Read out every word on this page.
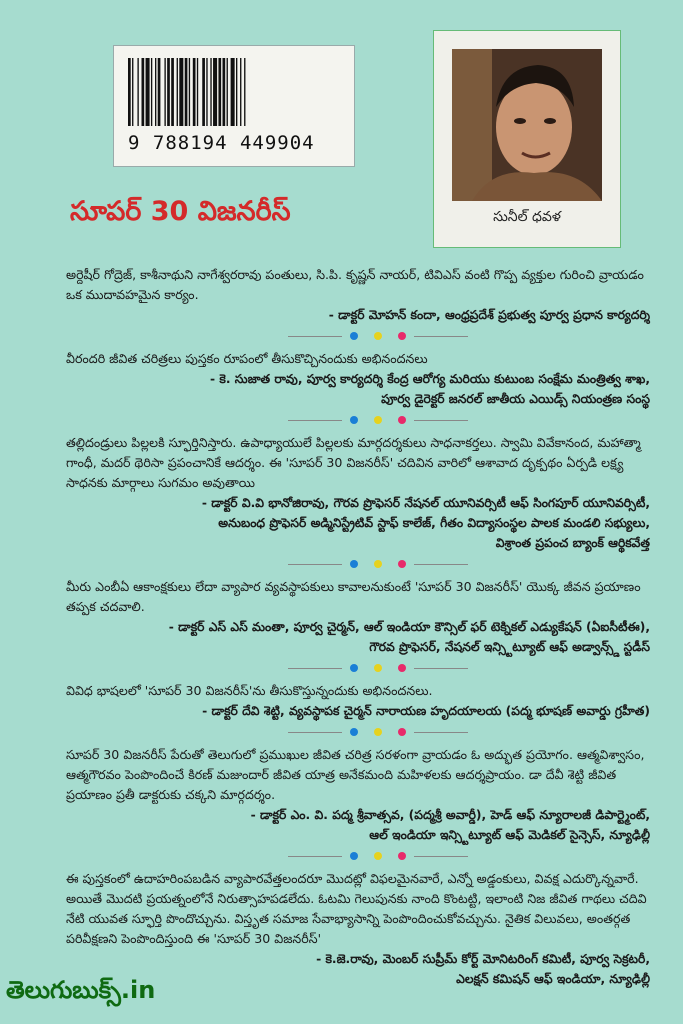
9 788194 449904
సునీల్ ధవళ
సూపర్ 30 విజనరీస్

అర్దెషీర్ గోద్రెజ్, కాశీనాథుని నాగేశ్వరరావు పంతులు, సి.పి. కృష్ణన్ నాయర్, టివిఎస్ వంటి గొప్ప వ్యక్తుల గురించి వ్రాయడం ఒక ముదావహమైన కార్యం.

- డాక్టర్ మోహన్ కందా, ఆంధ్రప్రదేశ్ ప్రభుత్వ పూర్వ ప్రధాన కార్యదర్శి

వీరందరి జీవిత చరిత్రలు పుస్తకం రూపంలో తీసుకొచ్చినందుకు అభినందనలు

- కె. సుజాత రావు, పూర్వ కార్యదర్శి కేంద్ర ఆరోగ్య మరియు కుటుంబ సంక్షేమ మంత్రిత్వ శాఖ,

పూర్వ డైరెక్టర్ జనరల్ జాతీయ ఎయిడ్స్ నియంత్రణ సంస్థ

తల్లిదండ్రులు పిల్లలకి స్ఫూర్తినిస్తారు. ఉపాధ్యాయులే పిల్లలకు మార్గదర్శకులు సాధనాకర్తలు. స్వామి వివేకానంద, మహాత్మా గాంధీ, మదర్ థెరిసా ప్రపంచానికే ఆదర్శం. ఈ 'సూపర్ 30 విజనరీస్' చదివిన వారిలో ఆశావాద దృక్పథం ఏర్పడి లక్ష్య సాధనకు మార్గాలు సుగమం అవుతాయి

- డాక్టర్ వి.వి భానోజిరావు, గౌరవ ప్రొఫెసర్ నేషనల్ యూనివర్సిటీ ఆఫ్ సింగపూర్ యూనివర్సిటీ,

అనుబంధ ప్రొఫెసర్ అడ్మినిస్ట్రేటివ్ స్టాఫ్ కాలేజ్, గీతం విద్యాసంస్థల పాలక మండలి సభ్యులు,

విశ్రాంత ప్రపంచ బ్యాంక్ ఆర్థికవేత్త

మీరు ఎంబీఏ ఆకాంక్షకులు లేదా వ్యాపార వ్యవస్థాపకులు కావాలనుకుంటే 'సూపర్ 30 విజనరీస్' యొక్క జీవన ప్రయాణం తప్పక చదవాలి.

- డాక్టర్ ఎస్ ఎస్ మంతా, పూర్వ చైర్మన్, ఆల్ ఇండియా కౌన్సిల్ ఫర్ టెక్నికల్ ఎడ్యుకేషన్ (ఏఐసీటీఈ),

గౌరవ ప్రొఫెసర్, నేషనల్ ఇన్స్టిట్యూట్ ఆఫ్ అడ్వాన్స్డ్ స్టడీస్

వివిధ భాషలలో 'సూపర్ 30 విజనరీస్'ను తీసుకొస్తున్నందుకు అభినందనలు.

- డాక్టర్ దేవి శెట్టి, వ్యవస్థాపక చైర్మన్ నారాయణ హృదయాలయ (పద్మ భూషణ్ అవార్డు గ్రహీత)

సూపర్ 30 విజనరీస్ పేరుతో తెలుగులో ప్రముఖుల జీవిత చరిత్ర సరళంగా వ్రాయడం ఓ అద్భుత ప్రయోగం. ఆత్మవిశ్వాసం, ఆత్మగౌరవం పెంపొందించే కిరణ్ మజుందార్ జీవిత యాత్ర అనేకమంది మహిళలకు ఆదర్శప్రాయం. డా దేవీ శెట్టి జీవిత ప్రయాణం ప్రతీ డాక్టరుకు చక్కని మార్గదర్శం.

- డాక్టర్ ఎం. వి. పద్మ శ్రీవాత్సవ, (పద్మశ్రీ అవార్డీ), హెడ్ ఆఫ్ న్యూరాలజీ డిపార్ట్మెంట్,

ఆల్ ఇండియా ఇన్స్టిట్యూట్ ఆఫ్ మెడికల్ సైన్సెస్, న్యూఢిల్లీ

ఈ పుస్తకంలో ఉదాహరింపబడిన వ్యాపారవేత్తలందరూ మొదట్లో విఫలమైనవారే, ఎన్నో అడ్డంకులు, వివక్ష ఎదుర్కొన్నవారే. అయితే మొదటి ప్రయత్నంలోనే నిరుత్సాహపడలేదు. ఓటమి గెలుపునకు నాంది కొంటట్టి, ఇలాంటి నిజ జీవిత గాథలు చదివి నేటి యువత స్ఫూర్తి పొందొచ్చును. విస్తృత సమాజ సేవాభ్యాసాన్ని పెంపొందించుకోవచ్చును. నైతిక విలువలు, అంతర్గత పరివీక్షణని పెంపొందిస్తుంది ఈ 'సూపర్ 30 విజనరీస్'

- కె.జె.రావు, మెంబర్ సుప్రీమ్ కోర్ట్ మోనిటరింగ్ కమిటీ, పూర్వ సెక్రటరీ,

ఎలక్షన్ కమిషన్ ఆఫ్ ఇండియా, న్యూఢిల్లీ

తెలుగుబుక్స్.in
